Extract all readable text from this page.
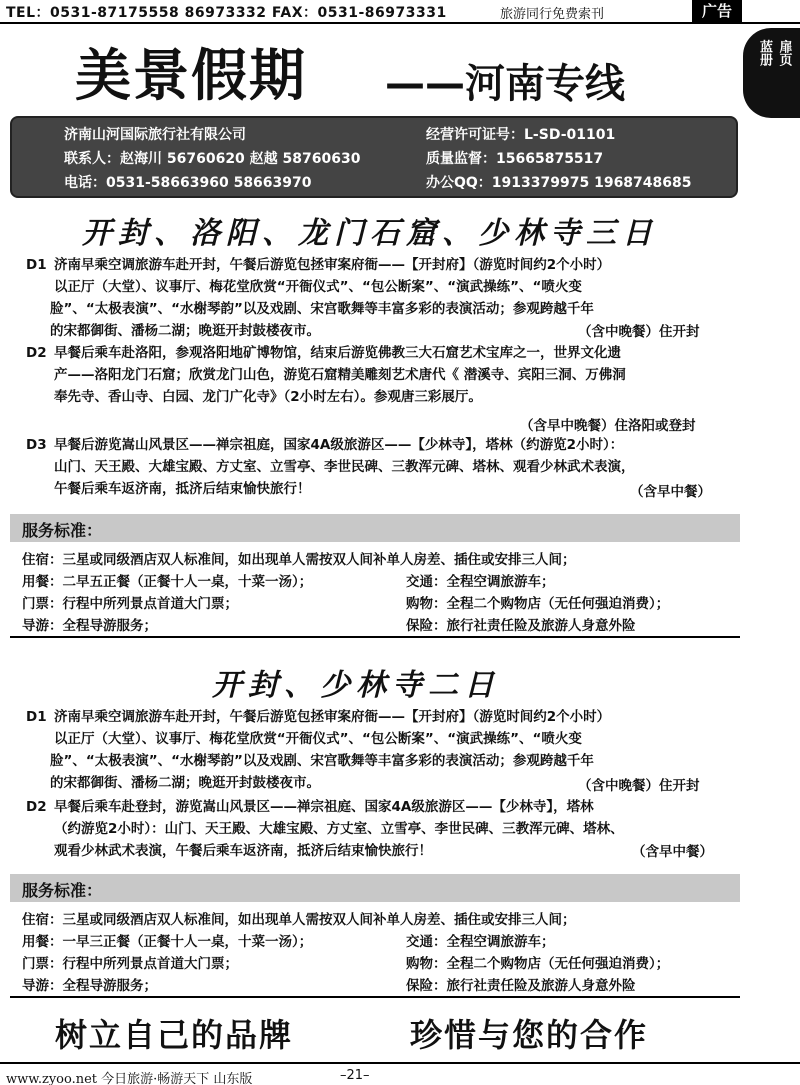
TEL：0531-87175558 86973332 FAX：0531-86973331	旅游同行免费索刊	广告
蓝册 扉页
美景假期 ——河南专线
济南山河国际旅行社有限公司	经营许可证号：L-SD-01101
联系人：赵海川 56760620 赵越 58760630	质量监督：15665875517
电话：0531-58663960 58663970	办公QQ：1913379975 1968748685
开封、洛阳、龙门石窟、少林寺三日
D1 济南早乘空调旅游车赴开封，午餐后游览包拯审案府衙——【开封府】（游览时间约2个小时）
以正厅（大堂）、议事厅、梅花堂欣赏“开衙仪式”、“包公断案”、“演武操练”、“喷火变
脸”、“太极表演”、“水榭琴韵”以及戏剧、宋宫歌舞等丰富多彩的表演活动；参观跨越千年
的宋都御街、潘杨二湖；晚逛开封鼓楼夜市。	（含中晚餐）住开封
D2 早餐后乘车赴洛阳，参观洛阳地矿博物馆，结束后游览佛教三大石窟艺术宝库之一，世界文化遗
产——洛阳龙门石窟；欣赏龙门山色，游览石窟精美雕刻艺术唐代《 潜溪寺、宾阳三洞、万佛洞
奉先寺、香山寺、白园、龙门广化寺》（2小时左右）。参观唐三彩展厅。
（含早中晚餐）住洛阳或登封
D3 早餐后游览嵩山风景区——禅宗祖庭，国家4A级旅游区——【少林寺】，塔林（约游览2小时）：
山门、天王殿、大雄宝殿、方丈室、立雪亭、李世民碑、三教浑元碑、塔林、观看少林武术表演，
午餐后乘车返济南，抵济后结束愉快旅行！	（含早中餐）
服务标准：
住宿：三星或同级酒店双人标准间，如出现单人需按双人间补单人房差、插住或安排三人间；
用餐：二早五正餐（正餐十人一桌，十菜一汤）；	交通：全程空调旅游车；
门票：行程中所列景点首道大门票；	购物：全程二个购物店（无任何强迫消费）；
导游：全程导游服务；	保险：旅行社责任险及旅游人身意外险
开封、少林寺二日
D1 济南早乘空调旅游车赴开封，午餐后游览包拯审案府衙——【开封府】（游览时间约2个小时）
以正厅（大堂）、议事厅、梅花堂欣赏“开衙仪式”、“包公断案”、“演武操练”、“喷火变
脸”、“太极表演”、“水榭琴韵”以及戏剧、宋宫歌舞等丰富多彩的表演活动；参观跨越千年
的宋都御街、潘杨二湖；晚逛开封鼓楼夜市。	（含中晚餐）住开封
D2 早餐后乘车赴登封，游览嵩山风景区——禅宗祖庭、国家4A级旅游区——【少林寺】，塔林
（约游览2小时）：山门、天王殿、大雄宝殿、方丈室、立雪亭、李世民碑、三教浑元碑、塔林、
观看少林武术表演，午餐后乘车返济南，抵济后结束愉快旅行！	（含早中餐）
服务标准：
住宿：三星或同级酒店双人标准间，如出现单人需按双人间补单人房差、插住或安排三人间；
用餐：一早三正餐（正餐十人一桌，十菜一汤）；	交通：全程空调旅游车；
门票：行程中所列景点首道大门票；	购物：全程二个购物店（无任何强迫消费）；
导游：全程导游服务；	保险：旅行社责任险及旅游人身意外险
树立自己的品牌	珍惜与您的合作
www.zyoo.net 今日旅游·畅游天下 山东版	–21–
